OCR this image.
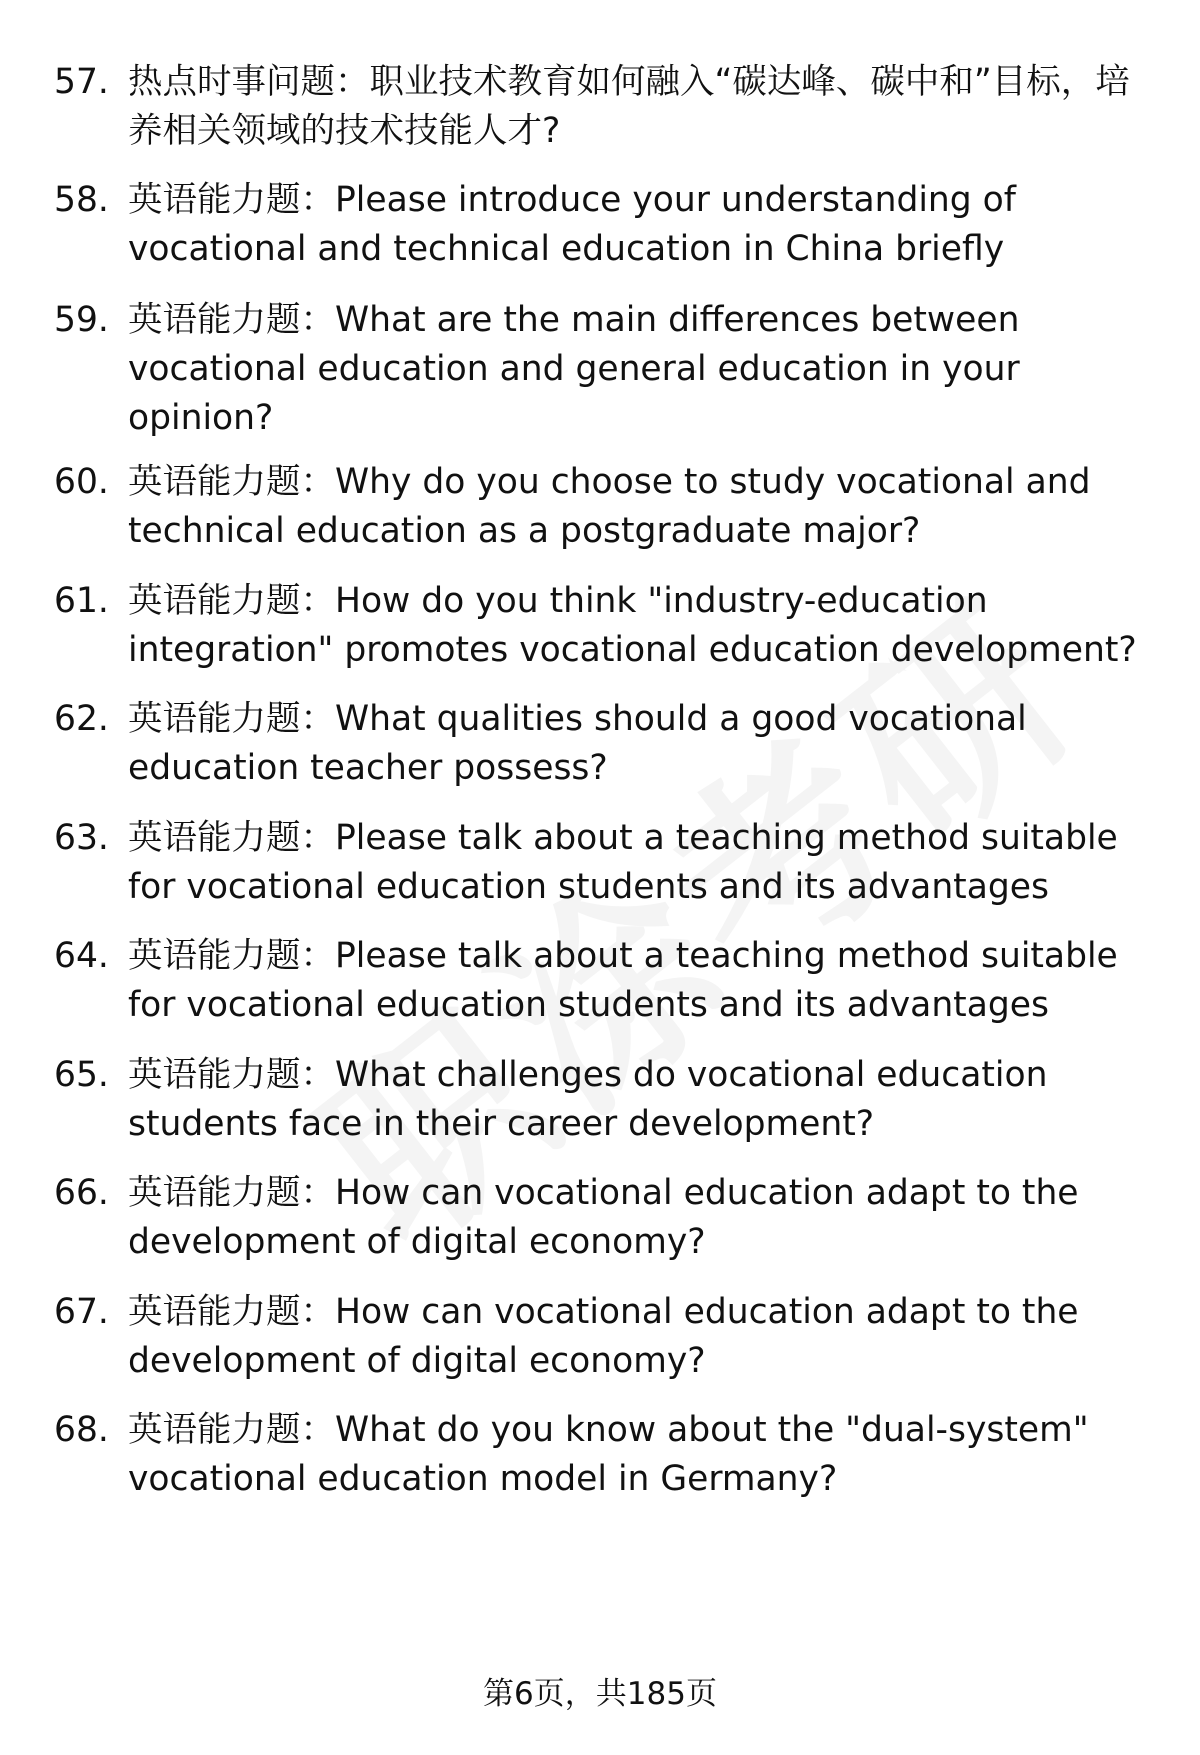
57. 热点时事问题：职业技术教育如何融入“碳达峰、碳中和”目标，培养相关领域的技术技能人才?
58. 英语能力题：Please introduce your understanding of vocational and technical education in China briefly
59. 英语能力题：What are the main differences between vocational education and general education in your opinion?
60. 英语能力题：Why do you choose to study vocational and technical education as a postgraduate major?
61. 英语能力题：How do you think "industry-education integration" promotes vocational education development?
62. 英语能力题：What qualities should a good vocational education teacher possess?
63. 英语能力题：Please talk about a teaching method suitable for vocational education students and its advantages
64. 英语能力题：Please talk about a teaching method suitable for vocational education students and its advantages
65. 英语能力题：What challenges do vocational education students face in their career development?
66. 英语能力题：How can vocational education adapt to the development of digital economy?
67. 英语能力题：How can vocational education adapt to the development of digital economy?
68. 英语能力题：What do you know about the "dual-system" vocational education model in Germany?
第6页，共185页
